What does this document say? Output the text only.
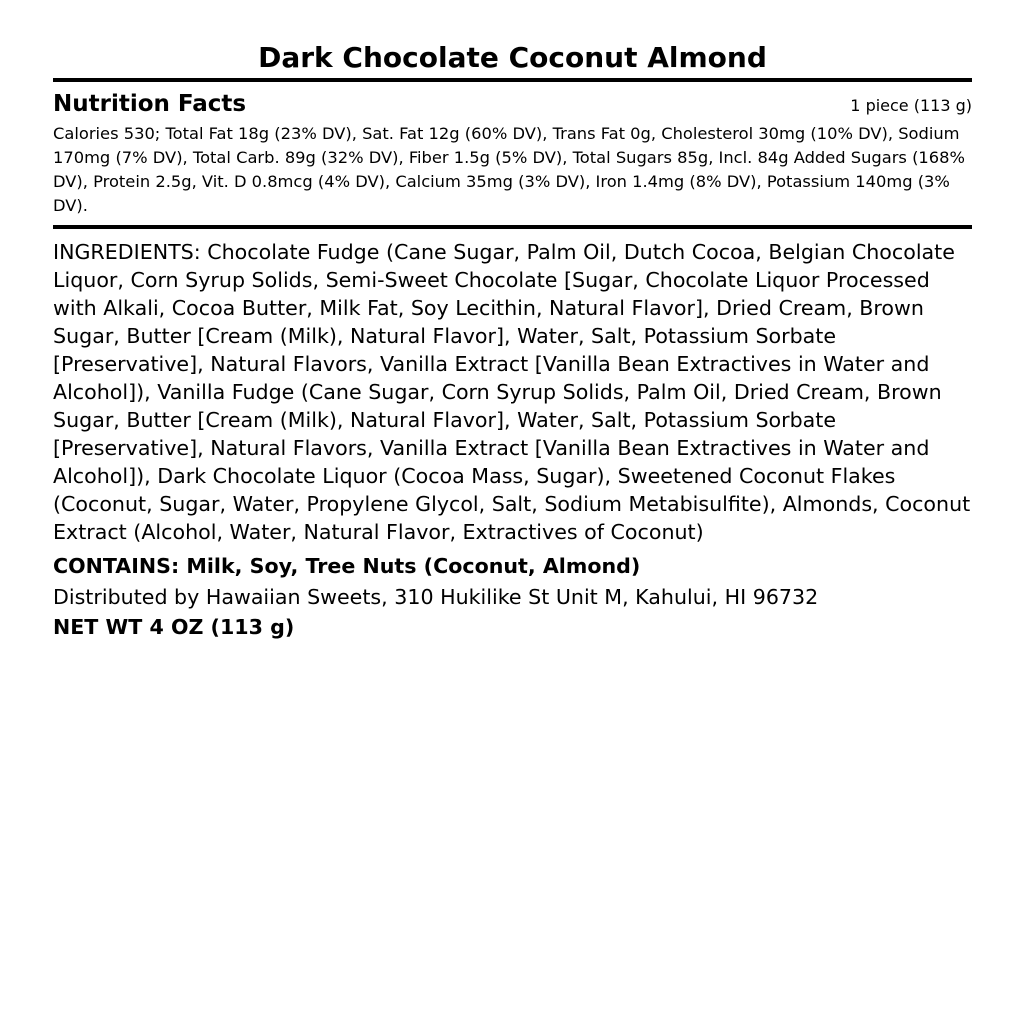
Dark Chocolate Coconut Almond
Nutrition Facts	1 piece (113 g)
Calories 530; Total Fat 18g (23% DV), Sat. Fat 12g (60% DV), Trans Fat 0g, Cholesterol 30mg (10% DV), Sodium 170mg (7% DV), Total Carb. 89g (32% DV), Fiber 1.5g (5% DV), Total Sugars 85g, Incl. 84g Added Sugars (168% DV), Protein 2.5g, Vit. D 0.8mcg (4% DV), Calcium 35mg (3% DV), Iron 1.4mg (8% DV), Potassium 140mg (3% DV).
INGREDIENTS: Chocolate Fudge (Cane Sugar, Palm Oil, Dutch Cocoa, Belgian Chocolate Liquor, Corn Syrup Solids, Semi-Sweet Chocolate [Sugar, Chocolate Liquor Processed with Alkali, Cocoa Butter, Milk Fat, Soy Lecithin, Natural Flavor], Dried Cream, Brown Sugar, Butter [Cream (Milk), Natural Flavor], Water, Salt, Potassium Sorbate [Preservative], Natural Flavors, Vanilla Extract [Vanilla Bean Extractives in Water and Alcohol]), Vanilla Fudge (Cane Sugar, Corn Syrup Solids, Palm Oil, Dried Cream, Brown Sugar, Butter [Cream (Milk), Natural Flavor], Water, Salt, Potassium Sorbate [Preservative], Natural Flavors, Vanilla Extract [Vanilla Bean Extractives in Water and Alcohol]), Dark Chocolate Liquor (Cocoa Mass, Sugar), Sweetened Coconut Flakes (Coconut, Sugar, Water, Propylene Glycol, Salt, Sodium Metabisulfite), Almonds, Coconut Extract (Alcohol, Water, Natural Flavor, Extractives of Coconut)
CONTAINS: Milk, Soy, Tree Nuts (Coconut, Almond)
Distributed by Hawaiian Sweets, 310 Hukilike St Unit M, Kahului, HI 96732
NET WT 4 OZ (113 g)
